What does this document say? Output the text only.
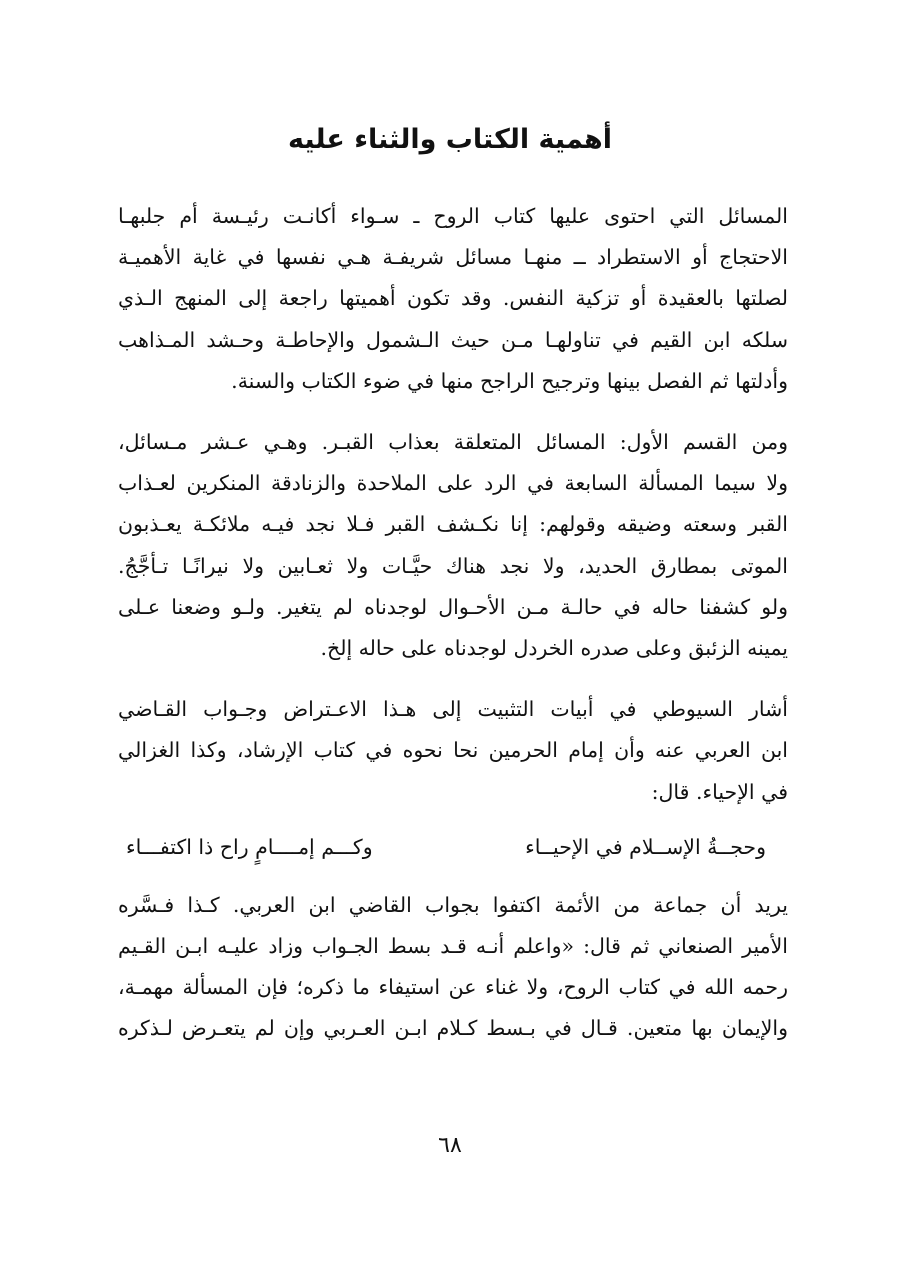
أهمية الكتاب والثناء عليه

المسائل التي احتوى عليها كتاب الروح ـ سـواء أكانـت رئيـسة أم جلبهـا
الاحتجاج أو الاستطراد ــ منهـا مسائل شريفـة هـي نفسها في غاية الأهميـة
لصلتها بالعقيدة أو تزكية النفس. وقد تكون أهميتها راجعة إلى المنهج الـذي
سلكه ابن القيم في تناولهـا مـن حيث الـشمول والإحاطـة وحـشد المـذاهب
وأدلتها ثم الفصل بينها وترجيح الراجح منها في ضوء الكتاب والسنة.

ومن القسم الأول: المسائل المتعلقة بعذاب القبـر. وهـي عـشر مـسائل،
ولا سيما المسألة السابعة في الرد على الملاحدة والزنادقة المنكرين لعـذاب
القبر وسعته وضيقه وقولهم: إنا نكـشف القبر فـلا نجد فيـه ملائكـة يعـذبون
الموتى بمطارق الحديد، ولا نجد هناك حيَّـات ولا ثعـابين ولا نيرانًـا تـأجَّجُ.
ولو كشفنا حاله في حالـة مـن الأحـوال لوجدناه لم يتغير. ولـو وضعنا عـلى
يمينه الزئبق وعلى صدره الخردل لوجدناه على حاله إلخ.

أشار السيوطي في أبيات التثبيت إلى هـذا الاعـتراض وجـواب القـاضي
ابن العربي عنه وأن إمام الحرمين نحا نحوه في كتاب الإرشاد، وكذا الغزالي
في الإحياء. قال:

وحجــةُ الإســلام في الإحيــاء
وكـــم إمــــامٍ راح ذا اكتفـــاء

يريد أن جماعة من الأئمة اكتفوا بجواب القاضي ابن العربي. كـذا فـسَّره
الأمير الصنعاني ثم قال: «واعلم أنـه قـد بسط الجـواب وزاد عليـه ابـن القـيم
رحمه الله في كتاب الروح، ولا غناء عن استيفاء ما ذكره؛ فإن المسألة مهمـة،
والإيمان بها متعين. قـال في بـسط كـلام ابـن العـربي وإن لم يتعـرض لـذكره

٦٨
